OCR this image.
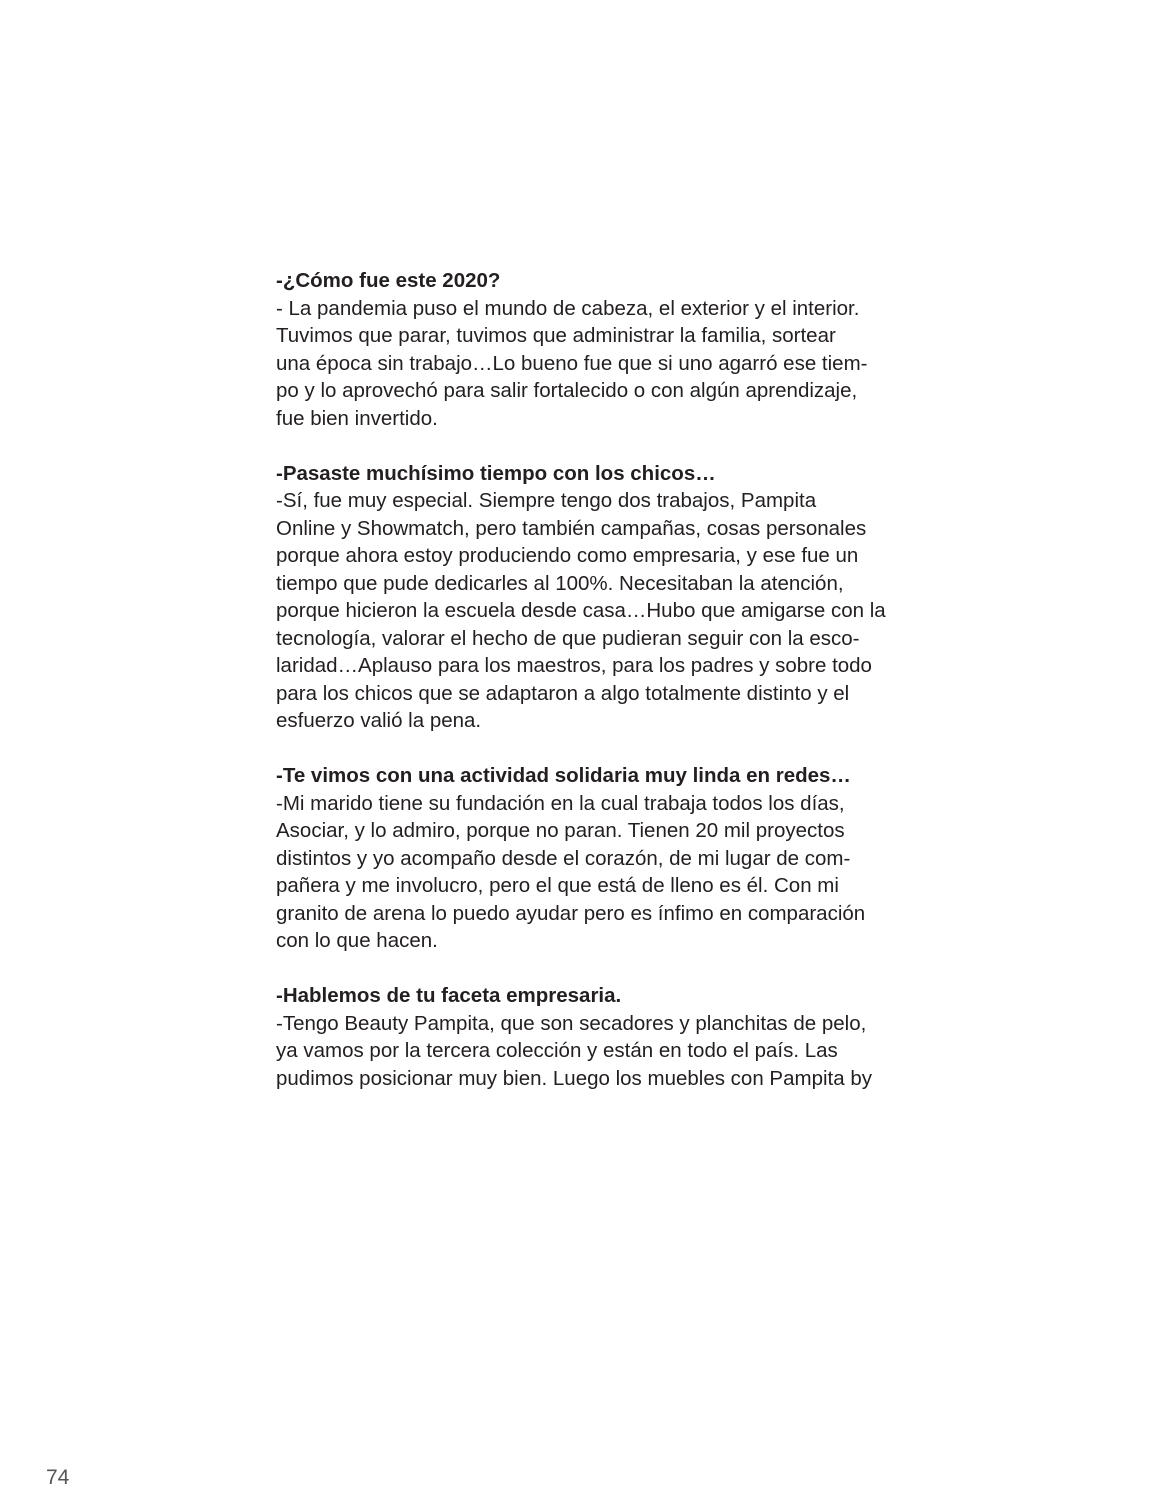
-¿Cómo fue este 2020?
- La pandemia puso el mundo de cabeza, el exterior y el interior.
Tuvimos que parar, tuvimos que administrar la familia, sortear
una época sin trabajo…Lo bueno fue que si uno agarró ese tiem-
po y lo aprovechó para salir fortalecido o con algún aprendizaje,
fue bien invertido.
-Pasaste muchísimo tiempo con los chicos…
-Sí, fue muy especial. Siempre tengo dos trabajos, Pampita
Online y Showmatch, pero también campañas, cosas personales
porque ahora estoy produciendo como empresaria, y ese fue un
tiempo que pude dedicarles al 100%. Necesitaban la atención,
porque hicieron la escuela desde casa…Hubo que amigarse con la
tecnología, valorar el hecho de que pudieran seguir con la esco-
laridad…Aplauso para los maestros, para los padres y sobre todo
para los chicos que se adaptaron a algo totalmente distinto y el
esfuerzo valió la pena.
-Te vimos con una actividad solidaria muy linda en redes…
-Mi marido tiene su fundación en la cual trabaja todos los días,
Asociar, y lo admiro, porque no paran. Tienen 20 mil proyectos
distintos y yo acompaño desde el corazón, de mi lugar de com-
pañera y me involucro, pero el que está de lleno es él. Con mi
granito de arena lo puedo ayudar pero es ínfimo en comparación
con lo que hacen.
-Hablemos de tu faceta empresaria.
-Tengo Beauty Pampita, que son secadores y planchitas de pelo,
ya vamos por la tercera colección y están en todo el país. Las
pudimos posicionar muy bien. Luego los muebles con Pampita by
74
